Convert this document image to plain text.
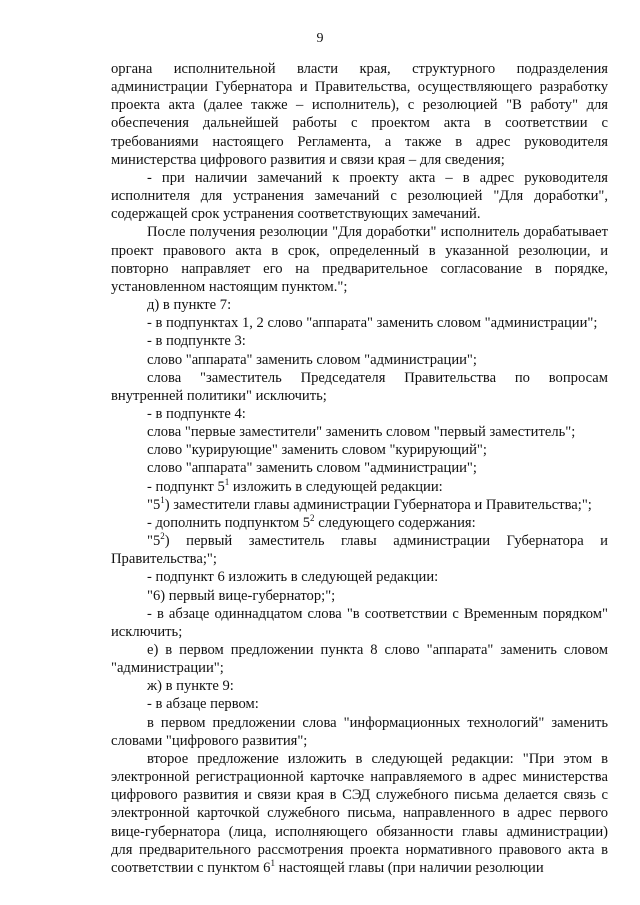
9

органа исполнительной власти края, структурного подразделения администрации Губернатора и Правительства, осуществляющего разработку проекта акта (далее также – исполнитель), с резолюцией "В работу" для обеспечения дальнейшей работы с проектом акта в соответствии с требованиями настоящего Регламента, а также в адрес руководителя министерства цифрового развития и связи края – для сведения;

- при наличии замечаний к проекту акта – в адрес руководителя исполнителя для устранения замечаний с резолюцией "Для доработки", содержащей срок устранения соответствующих замечаний.

После получения резолюции "Для доработки" исполнитель дорабатывает проект правового акта в срок, определенный в указанной резолюции, и повторно направляет его на предварительное согласование в порядке, установленном настоящим пунктом.";

д) в пункте 7:

- в подпунктах 1, 2 слово "аппарата" заменить словом "администрации";

- в подпункте 3:

слово "аппарата" заменить словом "администрации";

слова "заместитель Председателя Правительства по вопросам внутренней политики" исключить;

- в подпункте 4:

слова "первые заместители" заменить словом "первый заместитель";

слово "курирующие" заменить словом "курирующий";

слово "аппарата" заменить словом "администрации";

- подпункт $5^1$ изложить в следующей редакции:

"$5^1$) заместители главы администрации Губернатора и Правительства;";

- дополнить подпунктом $5^2$ следующего содержания:

"$5^2$) первый заместитель главы администрации Губернатора и Правительства;";

- подпункт 6 изложить в следующей редакции:

"6) первый вице-губернатор;";

- в абзаце одиннадцатом слова "в соответствии с Временным порядком" исключить;

е) в первом предложении пункта 8 слово "аппарата" заменить словом "администрации";

ж) в пункте 9:

- в абзаце первом:

в первом предложении слова "информационных технологий" заменить словами "цифрового развития";

второе предложение изложить в следующей редакции: "При этом в электронной регистрационной карточке направляемого в адрес министерства цифрового развития и связи края в СЭД служебного письма делается связь с электронной карточкой служебного письма, направленного в адрес первого вице-губернатора (лица, исполняющего обязанности главы администрации) для предварительного рассмотрения проекта нормативного правового акта в соответствии с пунктом $6^1$ настоящей главы (при наличии резолюции
